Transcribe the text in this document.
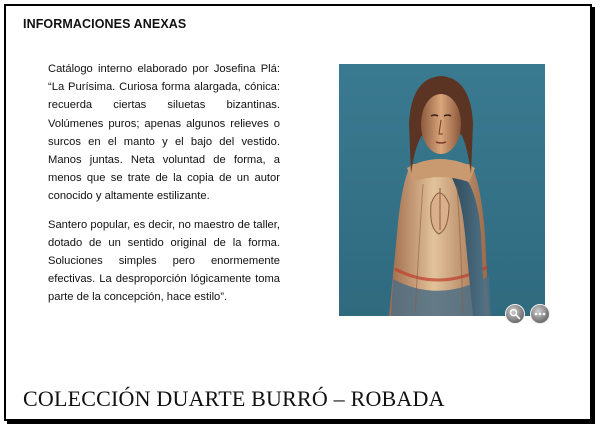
INFORMACIONES ANEXAS

Catálogo interno elaborado por Josefina Plá: “La Purísima. Curiosa forma alargada, cónica: recuerda ciertas siluetas bizantinas. Volúmenes puros; apenas algunos relieves o surcos en el manto y el bajo del vestido. Manos juntas. Neta voluntad de forma, a menos que se trate de la copia de un autor conocido y altamente estilizante.

Santero popular, es decir, no maestro de taller, dotado de un sentido original de la forma. Soluciones simples pero enormemente efectivas. La desproporción lógicamente toma parte de la concepción, hace estilo”.

COLECCIÓN DUARTE BURRÓ – ROBADA
